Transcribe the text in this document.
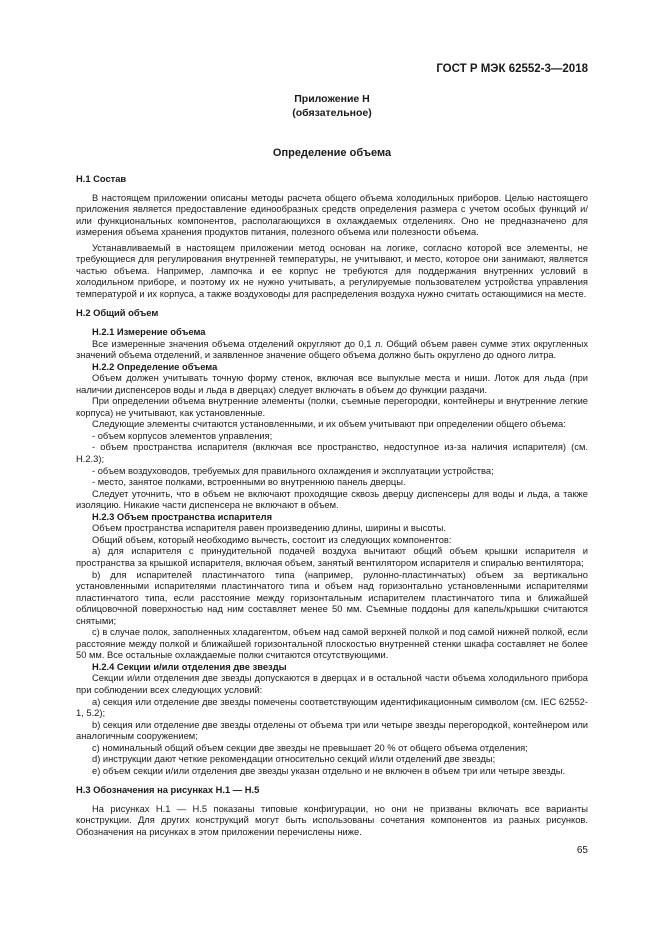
ГОСТ Р МЭК 62552-3—2018
Приложение Н
(обязательное)
Определение объема

Н.1 Состав

В настоящем приложении описаны методы расчета общего объема холодильных приборов. Целью настоящего приложения является предоставление единообразных средств определения размера с учетом особых функций и/или функциональных компонентов, располагающихся в охлаждаемых отделениях. Оно не предназначено для измерения объема хранения продуктов питания, полезного объема или полезности объема.

Устанавливаемый в настоящем приложении метод основан на логике, согласно которой все элементы, не требующиеся для регулирования внутренней температуры, не учитывают, и место, которое они занимают, является частью объема. Например, лампочка и ее корпус не требуются для поддержания внутренних условий в холодильном приборе, и поэтому их не нужно учитывать, а регулируемые пользователем устройства управления температурой и их корпуса, а также воздуховоды для распределения воздуха нужно считать остающимися на месте.

Н.2 Общий объем

Н.2.1 Измерение объема

Все измеренные значения объема отделений округляют до 0,1 л. Общий объем равен сумме этих округленных значений объема отделений, и заявленное значение общего объема должно быть округлено до одного литра.

Н.2.2 Определение объема

Объем должен учитывать точную форму стенок, включая все выпуклые места и ниши. Лоток для льда (при наличии диспенсеров воды и льда в дверцах) следует включать в объем до функции раздачи.

При определении объема внутренние элементы (полки, съемные перегородки, контейнеры и внутренние легкие корпуса) не учитывают, как установленные.

Следующие элементы считаются установленными, и их объем учитывают при определении общего объема:

- объем корпусов элементов управления;

- объем пространства испарителя (включая все пространство, недоступное из-за наличия испарителя) (см. Н.2.3);

- объем воздуховодов, требуемых для правильного охлаждения и эксплуатации устройства;

- место, занятое полками, встроенными во внутреннюю панель дверцы.

Следует уточнить, что в объем не включают проходящие сквозь дверцу диспенсеры для воды и льда, а также изоляцию. Никакие части диспенсера не включают в объем.

Н.2.3 Объем пространства испарителя

Объем пространства испарителя равен произведению длины, ширины и высоты.

Общий объем, который необходимо вычесть, состоит из следующих компонентов:

а) для испарителя с принудительной подачей воздуха вычитают общий объем крышки испарителя и пространства за крышкой испарителя, включая объем, занятый вентилятором испарителя и спиралью вентилятора;

b) для испарителей пластинчатого типа (например, рулонно-пластинчатых) объем за вертикально установленными испарителями пластинчатого типа и объем над горизонтально установленными испарителями пластинчатого типа, если расстояние между горизонтальным испарителем пластинчатого типа и ближайшей облицовочной поверхностью над ним составляет менее 50 мм. Съемные поддоны для капель/крышки считаются снятыми;

c) в случае полок, заполненных хладагентом, объем над самой верхней полкой и под самой нижней полкой, если расстояние между полкой и ближайшей горизонтальной плоскостью внутренней стенки шкафа составляет не более 50 мм. Все остальные охлаждаемые полки считаются отсутствующими.

Н.2.4 Секции и/или отделения две звезды

Секции и/или отделения две звезды допускаются в дверцах и в остальной части объема холодильного прибора при соблюдении всех следующих условий:

а) секция или отделение две звезды помечены соответствующим идентификационным символом (см. IEC 62552-1, 5.2);

b) секция или отделение две звезды отделены от объема три или четыре звезды перегородкой, контейнером или аналогичным сооружением;

c) номинальный общий объем секции две звезды не превышает 20 % от общего объема отделения;

d) инструкции дают четкие рекомендации относительно секций и/или отделений две звезды;

e) объем секции и/или отделения две звезды указан отдельно и не включен в объем три или четыре звезды.

Н.3 Обозначения на рисунках Н.1 — Н.5

На рисунках Н.1 — Н.5 показаны типовые конфигурации, но они не призваны включать все варианты конструкции. Для других конструкций могут быть использованы сочетания компонентов из разных рисунков. Обозначения на рисунках в этом приложении перечислены ниже.

65
